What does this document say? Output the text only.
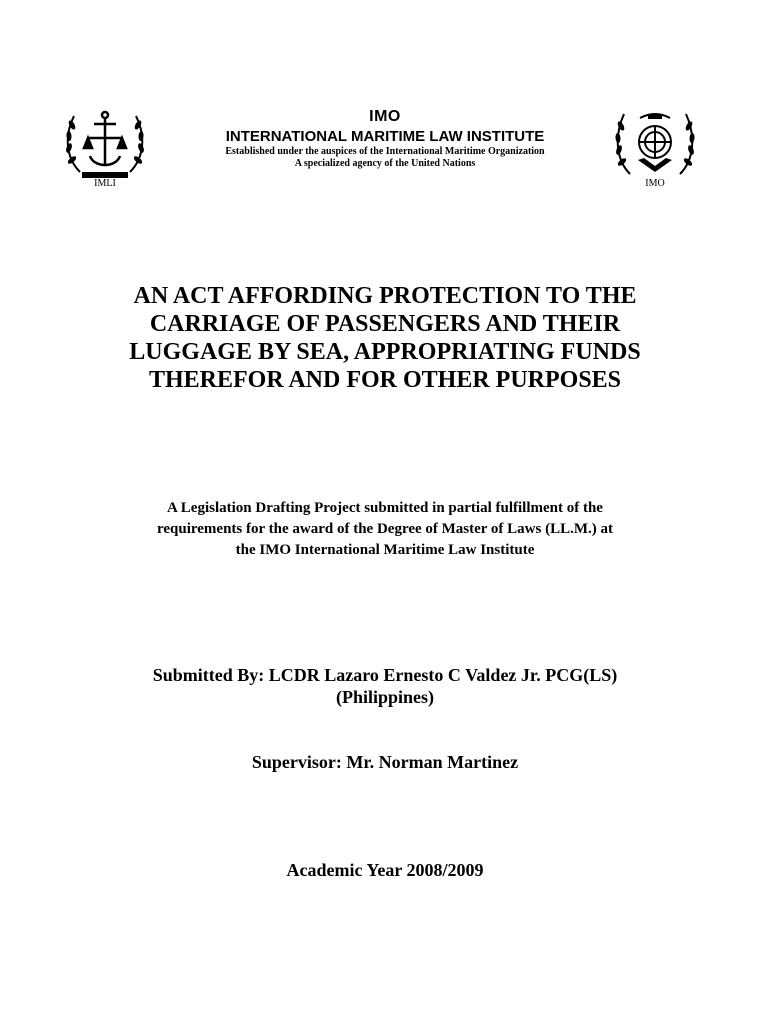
IMLI	IMO
IMO
INTERNATIONAL MARITIME LAW INSTITUTE
Established under the auspices of the International Maritime Organization
A specialized agency of the United Nations
AN ACT AFFORDING PROTECTION TO THE
CARRIAGE OF PASSENGERS AND THEIR
LUGGAGE BY SEA, APPROPRIATING FUNDS
THEREFOR AND FOR OTHER PURPOSES
A Legislation Drafting Project submitted in partial fulfillment of the
requirements for the award of the Degree of Master of Laws (LL.M.) at
the IMO International Maritime Law Institute
Submitted By: LCDR Lazaro Ernesto C Valdez Jr. PCG(LS)
(Philippines)
Supervisor: Mr. Norman Martinez
Academic Year 2008/2009
